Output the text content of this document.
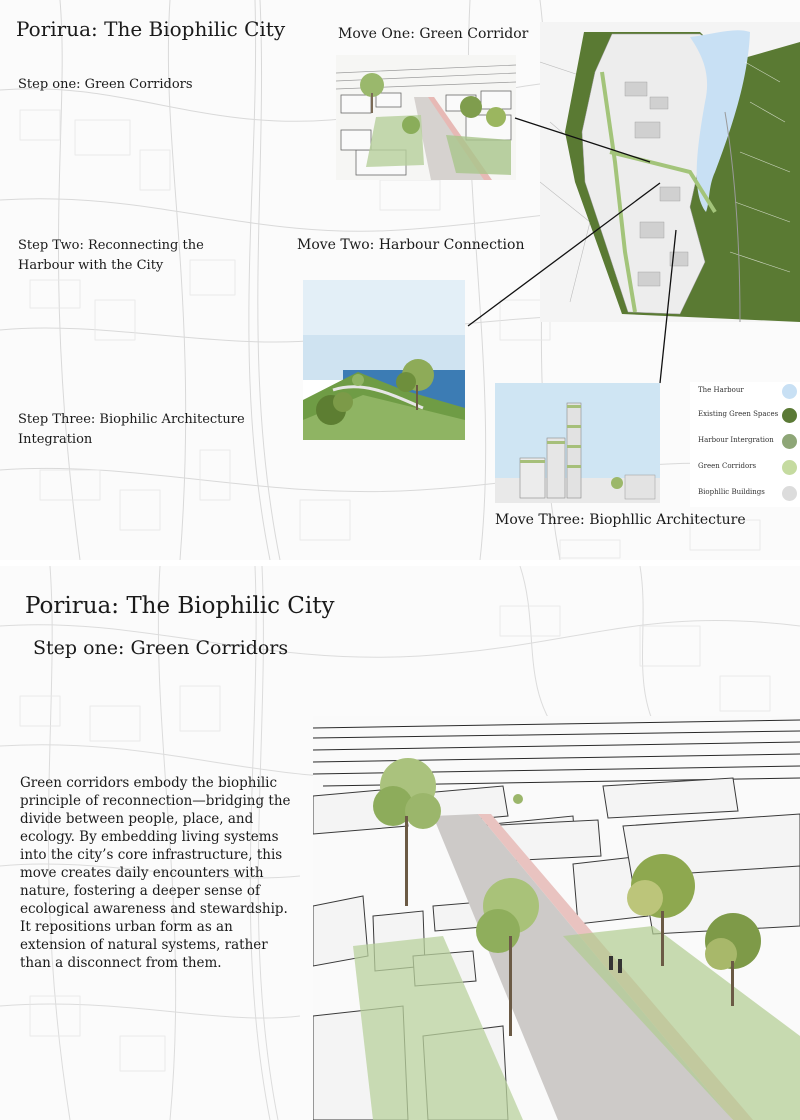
Porirua: The Biophilic City

Step one: Green Corridors

Step Two: Reconnecting the Harbour with the City

Step Three: Biophilic Architecture Integration

Move One: Green Corridor

Move Two: Harbour Connection

Move Three: Biophllic Architecture

The Harbour
Existing Green Spaces
Harbour Intergration
Green Corridors
Biophllic Buildings
Porirua: The Biophilic City
Step one: Green Corridors

Green corridors embody the biophilic principle of reconnection—bridging the divide between people, place, and ecology. By embedding living systems into the city’s core infrastructure, this move creates daily encounters with nature, fostering a deeper sense of ecological awareness and stewardship. It repositions urban form as an extension of natural systems, rather than a disconnect from them.
